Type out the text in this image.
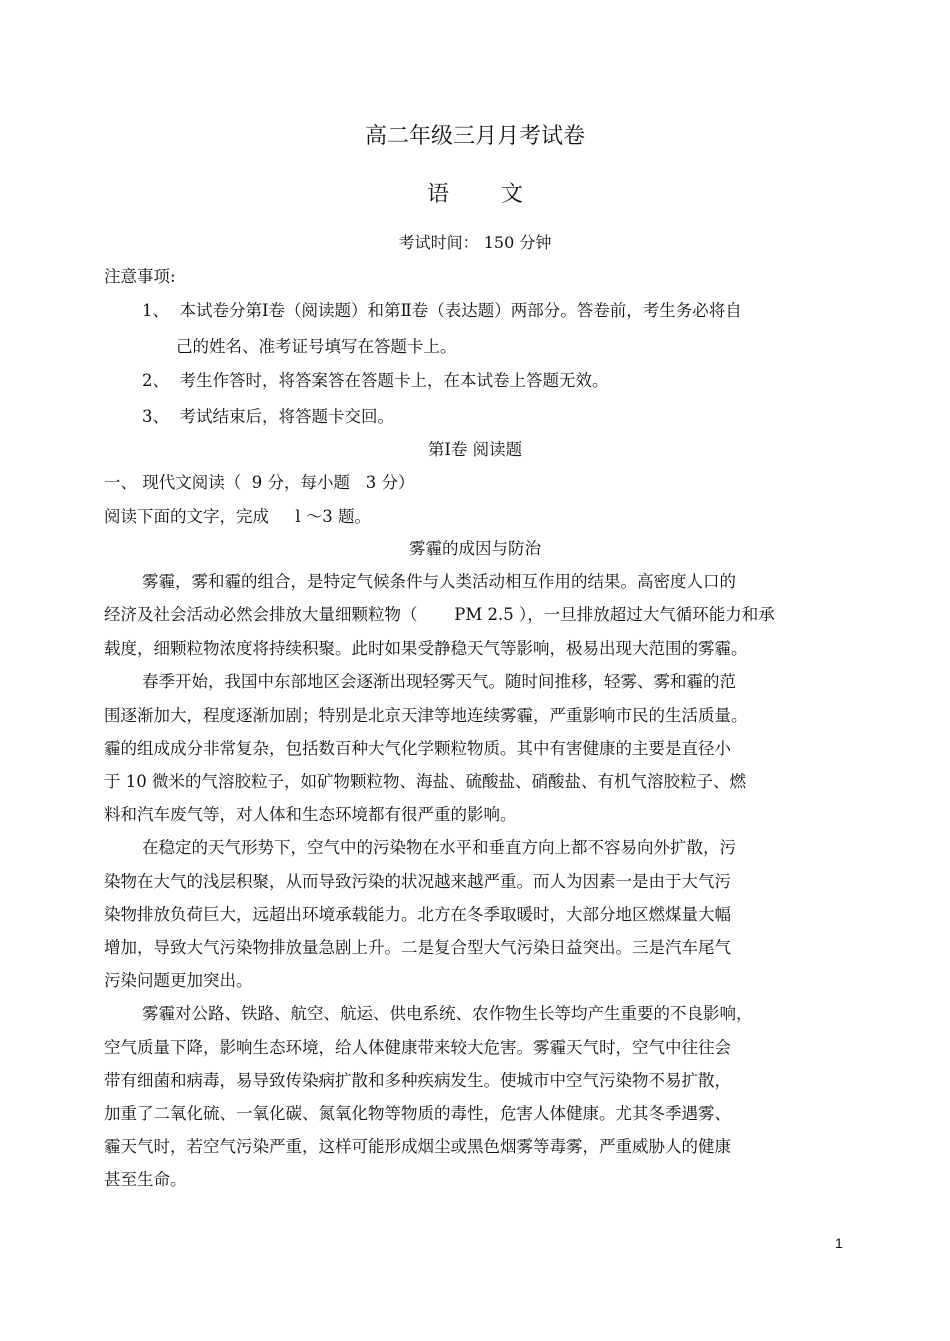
高二年级三月月考试卷
语 文
考试时间： 150 分钟
注意事项:
1、  本试卷分第Ⅰ卷（阅读题）和第Ⅱ卷（表达题）两部分。答卷前，考生务必将自
己的姓名、准考证号填写在答题卡上。
2、  考生作答时，将答案答在答题卡上，在本试卷上答题无效。
3、  考试结束后，将答题卡交回。
第Ⅰ卷 阅读题
一、 现代文阅读（  9 分，每小题   3 分）
阅读下面的文字，完成     l ～3 题。
雾霾的成因与防治
雾霾，雾和霾的组合，是特定气候条件与人类活动相互作用的结果。高密度人口的
经济及社会活动必然会排放大量细颗粒物（       PM 2.5 ），一旦排放超过大气循环能力和承
载度，细颗粒物浓度将持续积聚。此时如果受静稳天气等影响，极易出现大范围的雾霾。
春季开始，我国中东部地区会逐渐出现轻雾天气。随时间推移，轻雾、雾和霾的范
围逐渐加大，程度逐渐加剧；特别是北京天津等地连续雾霾，严重影响市民的生活质量。
霾的组成成分非常复杂，包括数百种大气化学颗粒物质。其中有害健康的主要是直径小
于 10 微米的气溶胶粒子，如矿物颗粒物、海盐、硫酸盐、硝酸盐、有机气溶胶粒子、燃
料和汽车废气等，对人体和生态环境都有很严重的影响。
在稳定的天气形势下，空气中的污染物在水平和垂直方向上都不容易向外扩散，污
染物在大气的浅层积聚，从而导致污染的状况越来越严重。而人为因素一是由于大气污
染物排放负荷巨大，远超出环境承载能力。北方在冬季取暖时，大部分地区燃煤量大幅
增加，导致大气污染物排放量急剧上升。二是复合型大气污染日益突出。三是汽车尾气
污染问题更加突出。
雾霾对公路、铁路、航空、航运、供电系统、农作物生长等均产生重要的不良影响，
空气质量下降，影响生态环境，给人体健康带来较大危害。雾霾天气时，空气中往往会
带有细菌和病毒，易导致传染病扩散和多种疾病发生。使城市中空气污染物不易扩散，
加重了二氧化硫、一氧化碳、氮氧化物等物质的毒性，危害人体健康。尤其冬季遇雾、
霾天气时，若空气污染严重，这样可能形成烟尘或黑色烟雾等毒雾，严重威胁人的健康
甚至生命。
1
